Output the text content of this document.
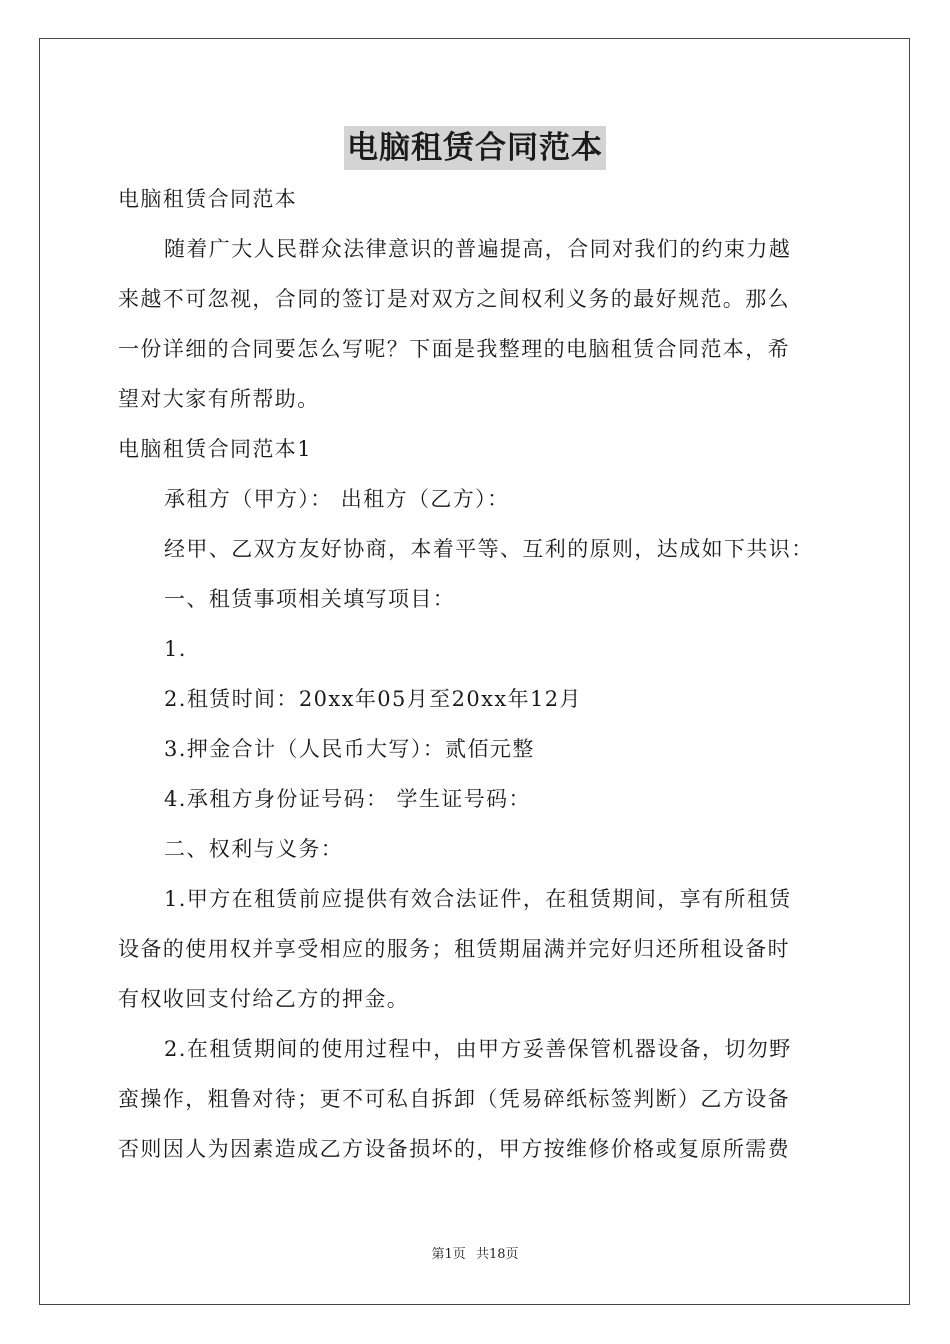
电脑租赁合同范本
电脑租赁合同范本
随着广大人民群众法律意识的普遍提高，合同对我们的约束力越
来越不可忽视，合同的签订是对双方之间权利义务的最好规范。那么
一份详细的合同要怎么写呢？下面是我整理的电脑租赁合同范本，希
望对大家有所帮助。
电脑租赁合同范本1
承租方（甲方）： 出租方（乙方）：
经甲、乙双方友好协商，本着平等、互利的原则，达成如下共识：
一、租赁事项相关填写项目：
1.
2.租赁时间：20xx年05月至20xx年12月
3.押金合计（人民币大写）：贰佰元整
4.承租方身份证号码： 学生证号码：
二、权利与义务：
1.甲方在租赁前应提供有效合法证件，在租赁期间，享有所租赁
设备的使用权并享受相应的服务；租赁期届满并完好归还所租设备时
有权收回支付给乙方的押金。
2.在租赁期间的使用过程中，由甲方妥善保管机器设备，切勿野
蛮操作，粗鲁对待；更不可私自拆卸（凭易碎纸标签判断）乙方设备
否则因人为因素造成乙方设备损坏的，甲方按维修价格或复原所需费
第1页 共18页
